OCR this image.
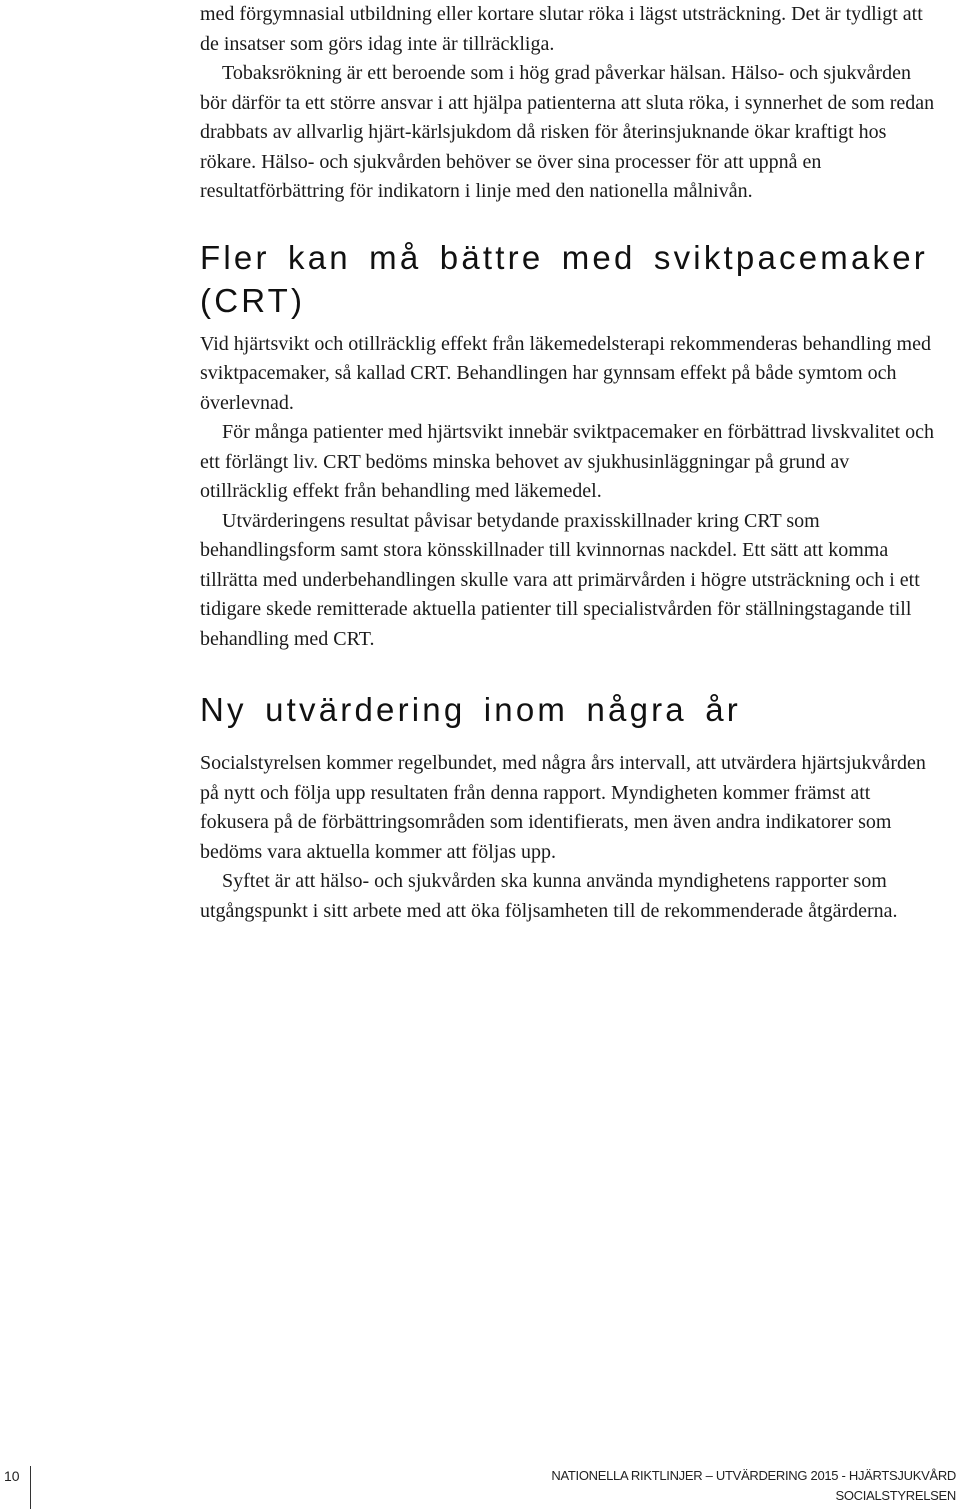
med förgymnasial utbildning eller kortare slutar röka i lägst utsträckning. Det är tydligt att de insatser som görs idag inte är tillräckliga.

Tobaksrökning är ett beroende som i hög grad påverkar hälsan. Hälso- och sjukvården bör därför ta ett större ansvar i att hjälpa patienterna att sluta röka, i synnerhet de som redan drabbats av allvarlig hjärt-kärlsjukdom då risken för återinsjuknande ökar kraftigt hos rökare. Hälso- och sjukvården behöver se över sina processer för att uppnå en resultatförbättring för indikatorn i linje med den nationella målnivån.

Fler kan må bättre med sviktpacemaker (CRT)

Vid hjärtsvikt och otillräcklig effekt från läkemedelsterapi rekommenderas behandling med sviktpacemaker, så kallad CRT. Behandlingen har gynnsam effekt på både symtom och överlevnad.

För många patienter med hjärtsvikt innebär sviktpacemaker en förbättrad livskvalitet och ett förlängt liv. CRT bedöms minska behovet av sjukhusinläggningar på grund av otillräcklig effekt från behandling med läkemedel.

Utvärderingens resultat påvisar betydande praxisskillnader kring CRT som behandlingsform samt stora könsskillnader till kvinnornas nackdel. Ett sätt att komma tillrätta med underbehandlingen skulle vara att primärvården i högre utsträckning och i ett tidigare skede remitterade aktuella patienter till specialistvården för ställningstagande till behandling med CRT.

Ny utvärdering inom några år

Socialstyrelsen kommer regelbundet, med några års intervall, att utvärdera hjärtsjukvården på nytt och följa upp resultaten från denna rapport. Myndigheten kommer främst att fokusera på de förbättringsområden som identifierats, men även andra indikatorer som bedöms vara aktuella kommer att följas upp.

Syftet är att hälso- och sjukvården ska kunna använda myndighetens rapporter som utgångspunkt i sitt arbete med att öka följsamheten till de rekommenderade åtgärderna.

10	NATIONELLA RIKTLINJER – UTVÄRDERING 2015 - HJÄRTSJUKVÅRD
SOCIALSTYRELSEN
